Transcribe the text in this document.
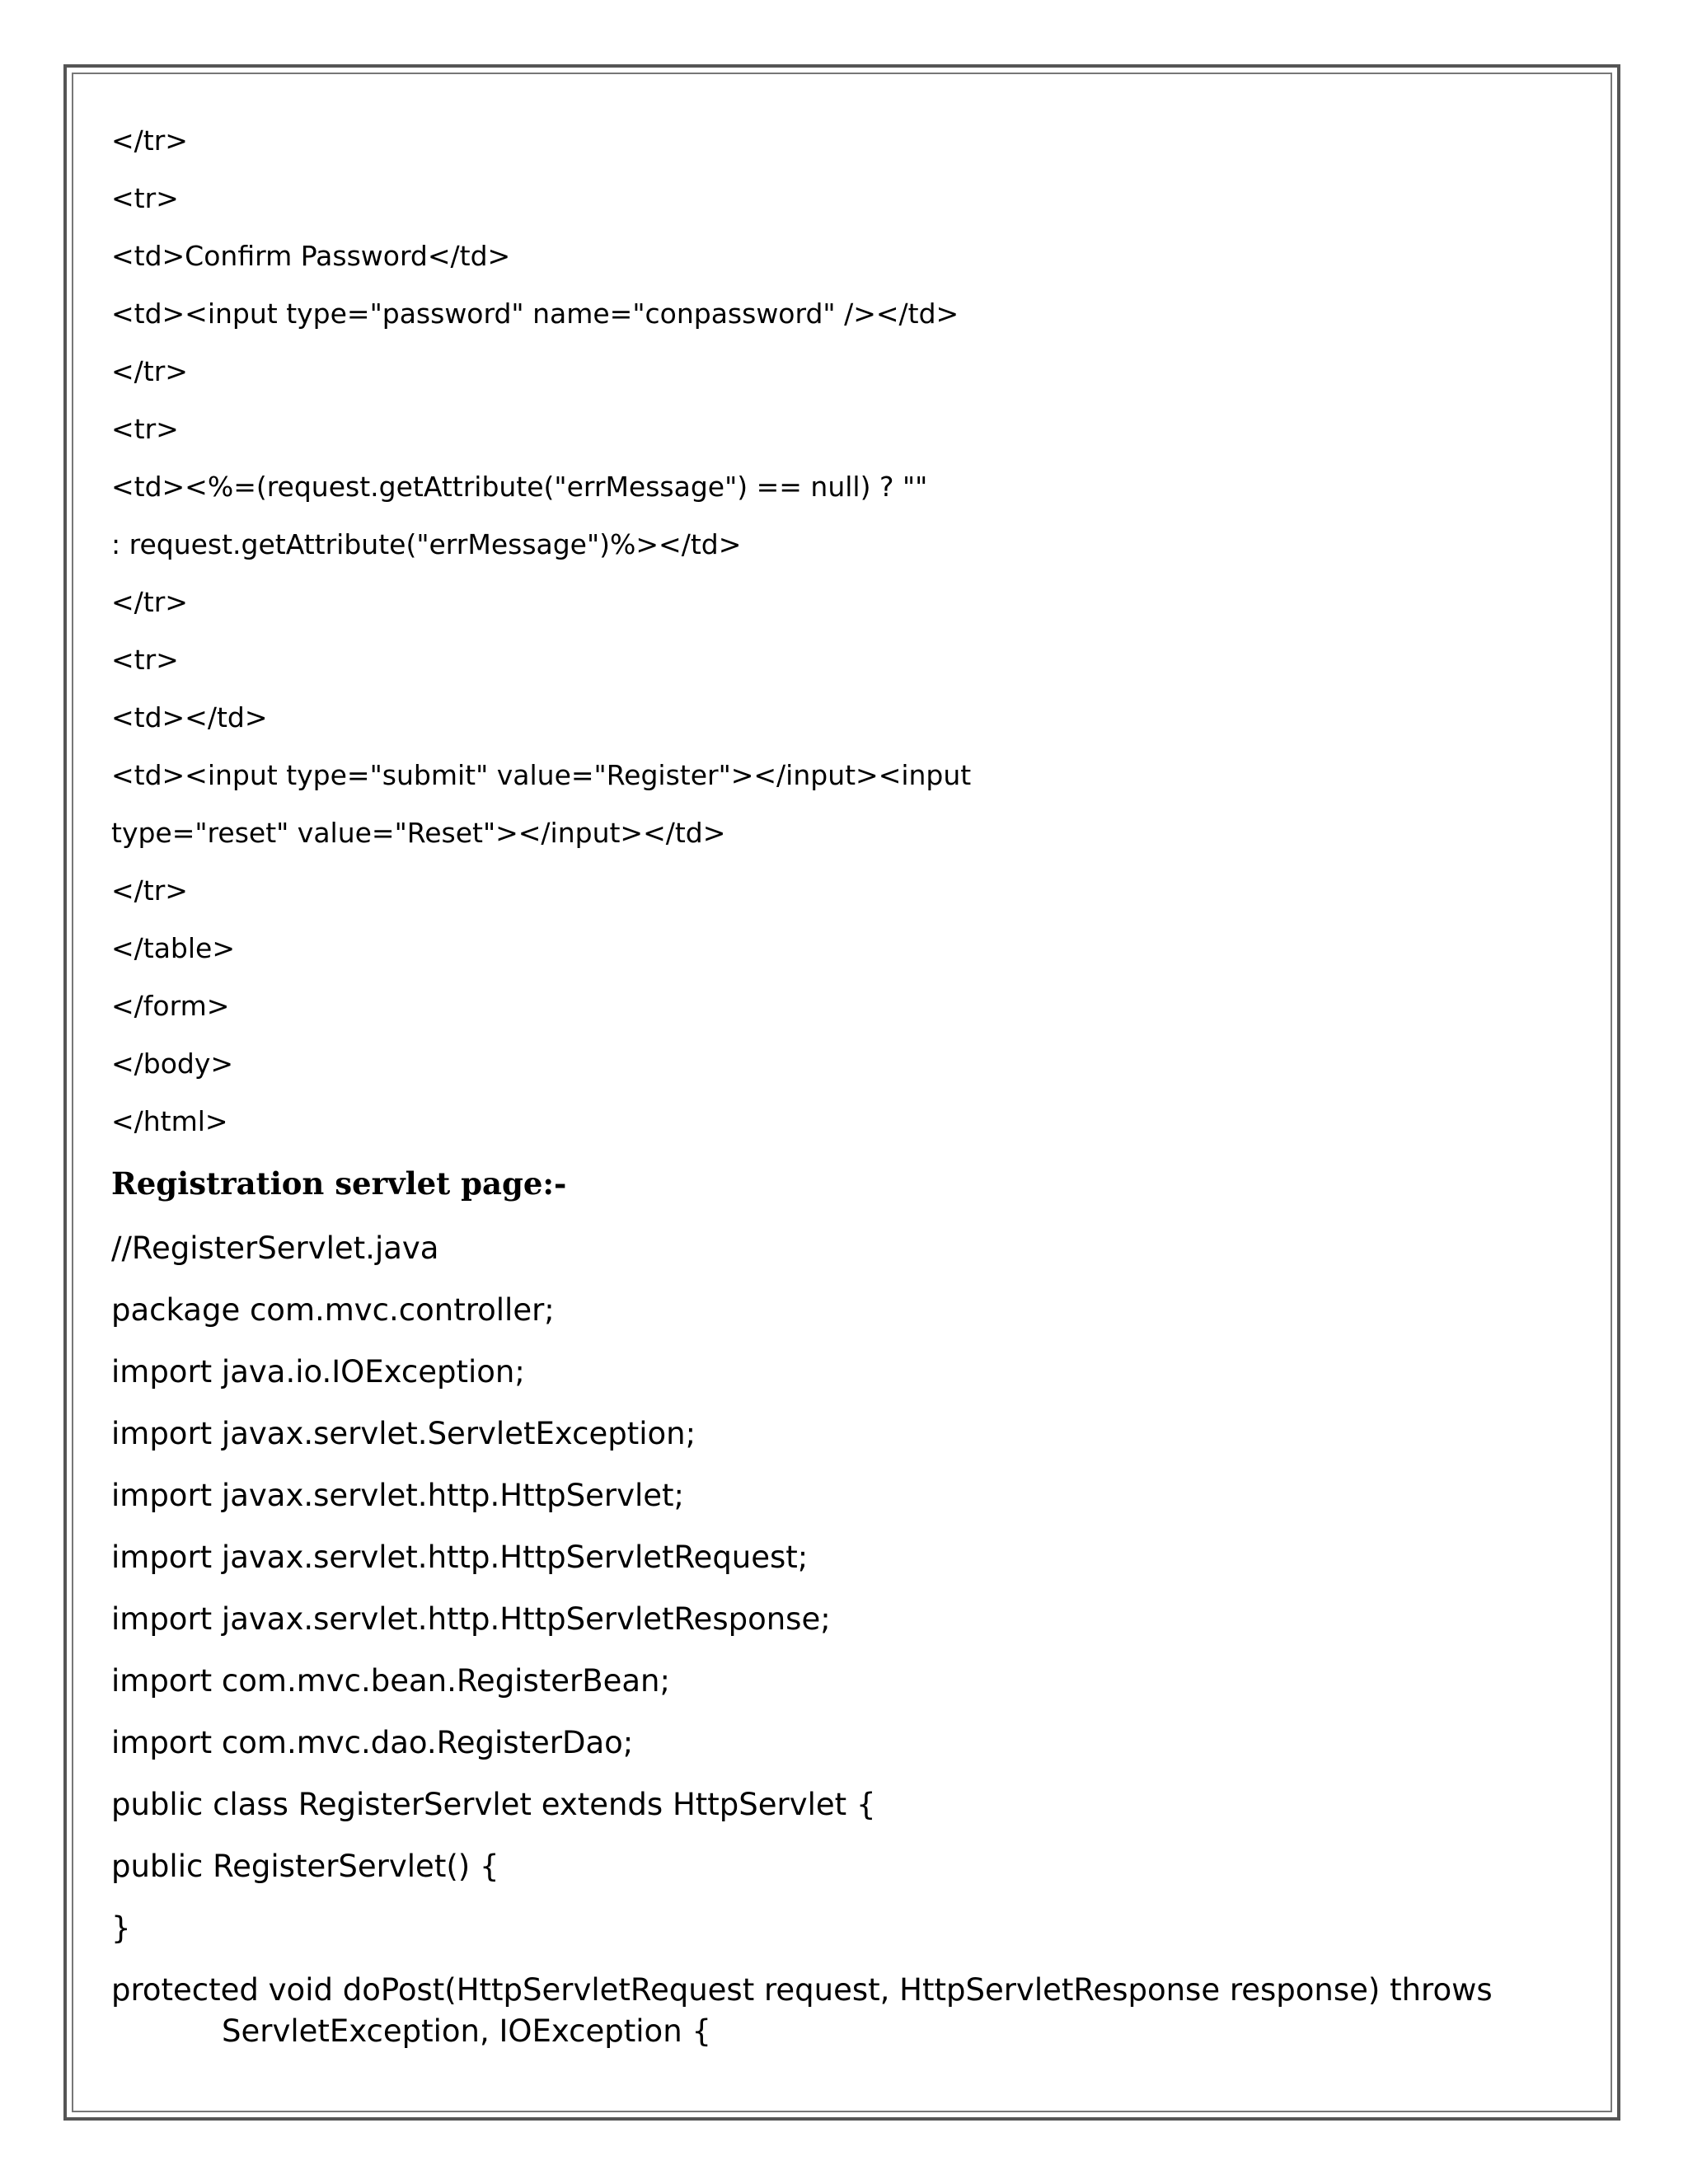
</tr>
<tr>
<td>Confirm Password</td>
<td><input type="password" name="conpassword" /></td>
</tr>
<tr>
<td><%=(request.getAttribute("errMessage") == null) ? ""
: request.getAttribute("errMessage")%></td>
</tr>
<tr>
<td></td>
<td><input type="submit" value="Register"></input><input
type="reset" value="Reset"></input></td>
</tr>
</table>
</form>
</body>
</html>
Registration servlet page:-
//RegisterServlet.java
package com.mvc.controller;
import java.io.IOException;
import javax.servlet.ServletException;
import javax.servlet.http.HttpServlet;
import javax.servlet.http.HttpServletRequest;
import javax.servlet.http.HttpServletResponse;
import com.mvc.bean.RegisterBean;
import com.mvc.dao.RegisterDao;
public class RegisterServlet extends HttpServlet {
public RegisterServlet() {
}
protected void doPost(HttpServletRequest request, HttpServletResponse response) throws
ServletException, IOException {
